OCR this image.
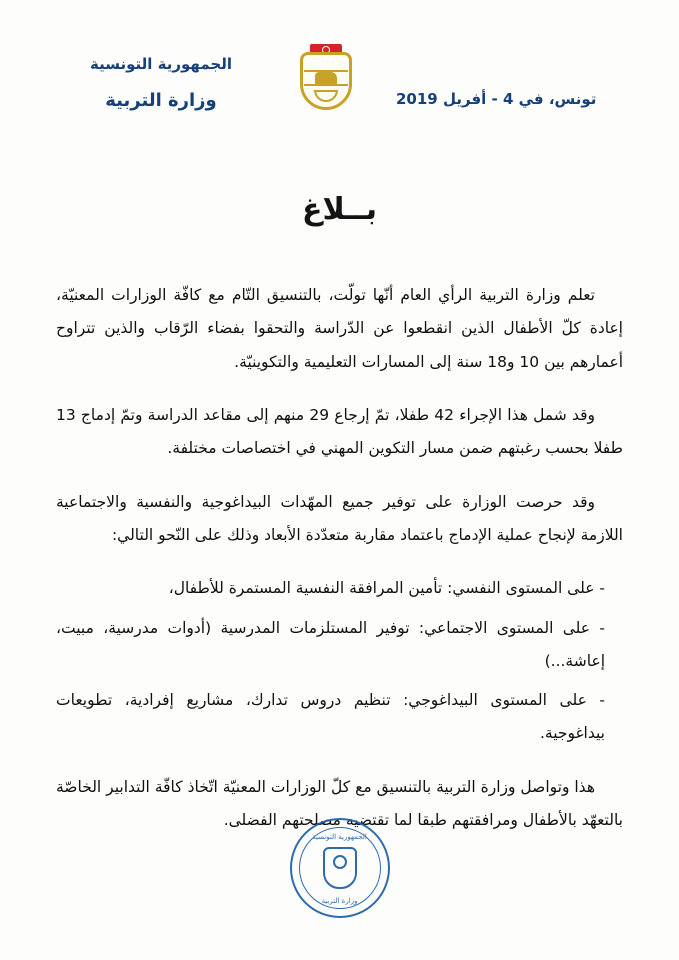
تونس، في 4 - أفريل 2019
الجمهورية التونسية
وزارة التربية
بــلاغ

تعلم وزارة التربية الرأي العام أنّها تولّت، بالتنسيق التّام مع كافّة الوزارات المعنيّة، إعادة كلّ الأطفال الذين انقطعوا عن الدّراسة والتحقوا بفضاء الرّقاب والذين تتراوح أعمارهم بين 10 و18 سنة إلى المسارات التعليمية والتكوينيّة.

وقد شمل هذا الإجراء 42 طفلا، تمّ إرجاع 29 منهم إلى مقاعد الدراسة وتمّ إدماج 13 طفلا بحسب رغبتهم ضمن مسار التكوين المهني في اختصاصات مختلفة.

وقد حرصت الوزارة على توفير جميع المهّدات البيداغوجية والنفسية والاجتماعية اللازمة لإنجاح عملية الإدماج باعتماد مقاربة متعدّدة الأبعاد وذلك على النّحو التالي:

- على المستوى النفسي: تأمين المرافقة النفسية المستمرة للأطفال،

- على المستوى الاجتماعي: توفير المستلزمات المدرسية (أدوات مدرسية، مبيت، إعاشة...)

- على المستوى البيداغوجي: تنظيم دروس تدارك، مشاريع إفرادية، تطويعات بيداغوجية.

هذا وتواصل وزارة التربية بالتنسيق مع كلّ الوزارات المعنيّة اتّخاذ كافّة التدابير الخاصّة بالتعهّد بالأطفال ومرافقتهم طبقا لما تقتضيه مصلحتهم الفضلى.

الجمهورية التونسية
وزارة التربية
